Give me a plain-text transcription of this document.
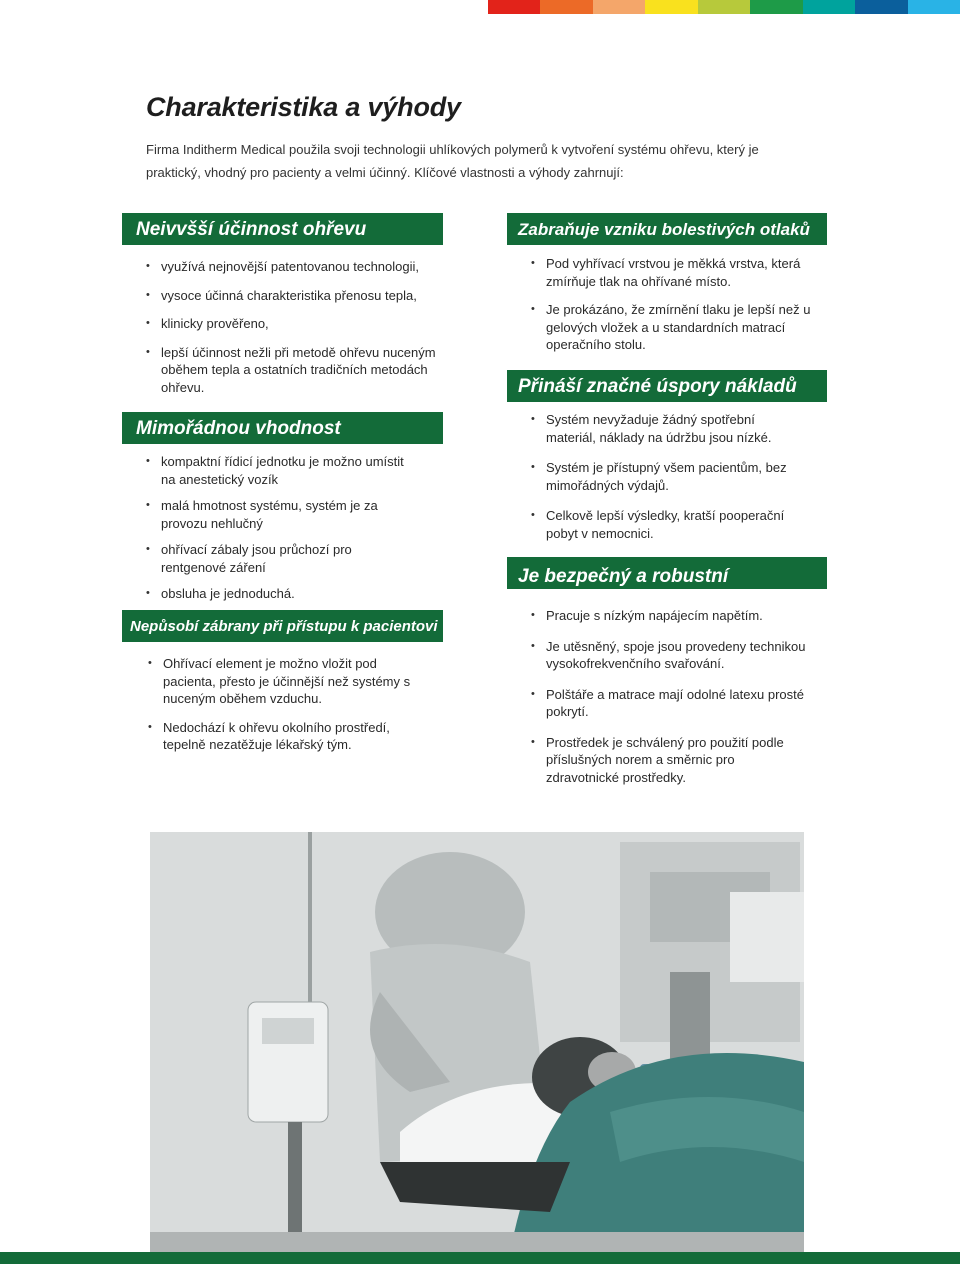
Charakteristika a výhody

Firma Inditherm Medical použila svoji technologii uhlíkových polymerů k vytvoření systému ohřevu, který je praktický, vhodný pro pacienty a velmi účinný. Klíčové vlastnosti a výhody zahrnují:

Neivvšší účinnost ohřevu
• využívá nejnovější patentovanou technologii,
• vysoce účinná charakteristika přenosu tepla,
• klinicky prověřeno,
• lepší účinnost nežli při metodě ohřevu nuceným oběhem tepla a ostatních tradičních metodách ohřevu.
Mimořádnou vhodnost
• kompaktní řídicí jednotku je možno umístit na anestetický vozík
• malá hmotnost systému, systém je za provozu nehlučný
• ohřívací zábaly jsou průchozí pro rentgenové záření
• obsluha je jednoduchá.
Nepůsobí zábrany při přístupu k pacientovi
• Ohřívací element je možno vložit pod pacienta, přesto je účinnější než systémy s nuceným oběhem vzduchu.
• Nedochází k ohřevu okolního prostředí, tepelně nezatěžuje lékařský tým.
Zabraňuje vzniku bolestivých otlaků
• Pod vyhřívací vrstvou je měkká vrstva, která zmírňuje tlak na ohřívané místo.
• Je prokázáno, že zmírnění tlaku je lepší než u gelových vložek a u standardních matrací operačního stolu.
Přináší značné úspory nákladů
• Systém nevyžaduje žádný spotřební materiál, náklady na údržbu jsou nízké.
• Systém je přístupný všem pacientům, bez mimořádných výdajů.
• Celkově lepší výsledky, kratší pooperační pobyt v nemocnici.
Je bezpečný a robustní
• Pracuje s nízkým napájecím napětím.
• Je utěsněný, spoje jsou provedeny technikou vysokofrekvenčního svařování.
• Polštáře a matrace mají odolné latexu prosté pokrytí.
• Prostředek je schválený pro použití podle příslušných norem a směrnic pro zdravotnické prostředky.
